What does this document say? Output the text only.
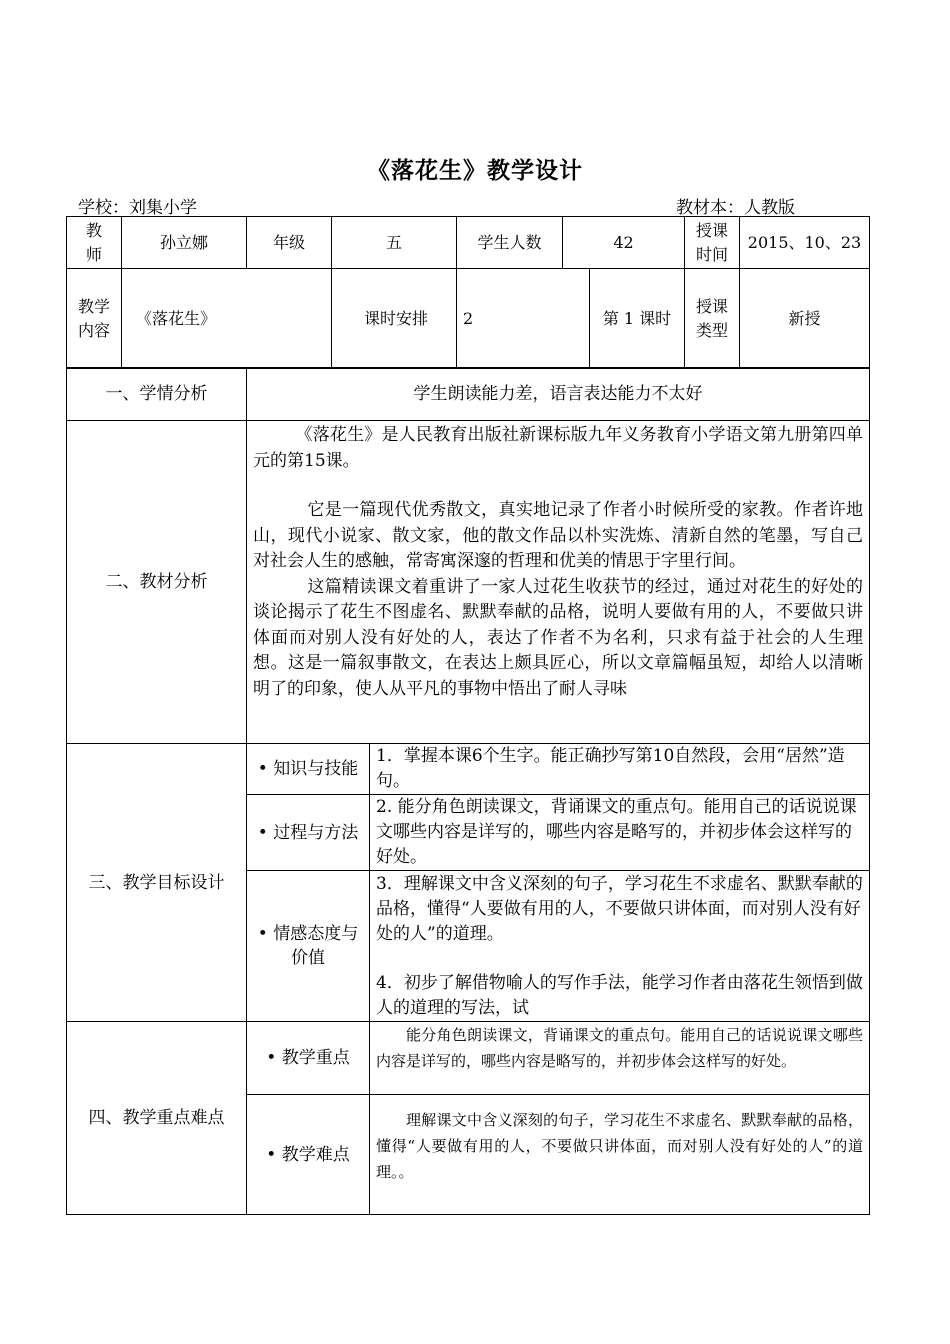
《落花生》教学设计
学校：刘集小学	教材本：人教版
教
师	孙立娜	年级	五	学生人数	42		授课时间	2015、10、23
教学内容	《落花生》		课时安排	2		第 1 课时	授课类型	新授
一、学情分析	学生朗读能力差，语言表达能力不太好	
二、教材分析	《落花生》是人民教育出版社新课标版九年义务教育小学语文第九册第四单元的第15课。
它是一篇现代优秀散文，真实地记录了作者小时候所受的家教。作者许地山，现代小说家、散文家，他的散文作品以朴实洗炼、清新自然的笔墨，写自己对社会人生的感触，常寄寓深邃的哲理和优美的情思于字里行间。
这篇精读课文着重讲了一家人过花生收获节的经过，通过对花生的好处的谈论揭示了花生不图虚名、默默奉献的品格，说明人要做有用的人，不要做只讲体面而对别人没有好处的人，表达了作者不为名利，只求有益于社会的人生理想。这是一篇叙事散文，在表达上颇具匠心，所以文章篇幅虽短，却给人以清晰明了的印象，使人从平凡的事物中悟出了耐人寻味	

三、教学目标设计	• 知识与技能	1．掌握本课6个生字。能正确抄写第10自然段，会用“居然”造句。
	• 过程与方法	2. 能分角色朗读课文，背诵课文的重点句。能用自己的话说说课文哪些内容是详写的，哪些内容是略写的，并初步体会这样写的好处。
	• 情感态度与价值	3．理解课文中含义深刻的句子，学习花生不求虚名、默默奉献的品格，懂得“人要做有用的人，不要做只讲体面，而对别人没有好处的人”的道理。
4．初步了解借物喻人的写作手法，能学习作者由落花生领悟到做人的道理的写法，试

四、教学重点难点	• 教学重点	能分角色朗读课文，背诵课文的重点句。能用自己的话说说课文哪些内容是详写的，哪些内容是略写的，并初步体会这样写的好处。
	• 教学难点	理解课文中含义深刻的句子，学习花生不求虚名、默默奉献的品格，懂得“人要做有用的人，不要做只讲体面，而对别人没有好处的人”的道理。。
